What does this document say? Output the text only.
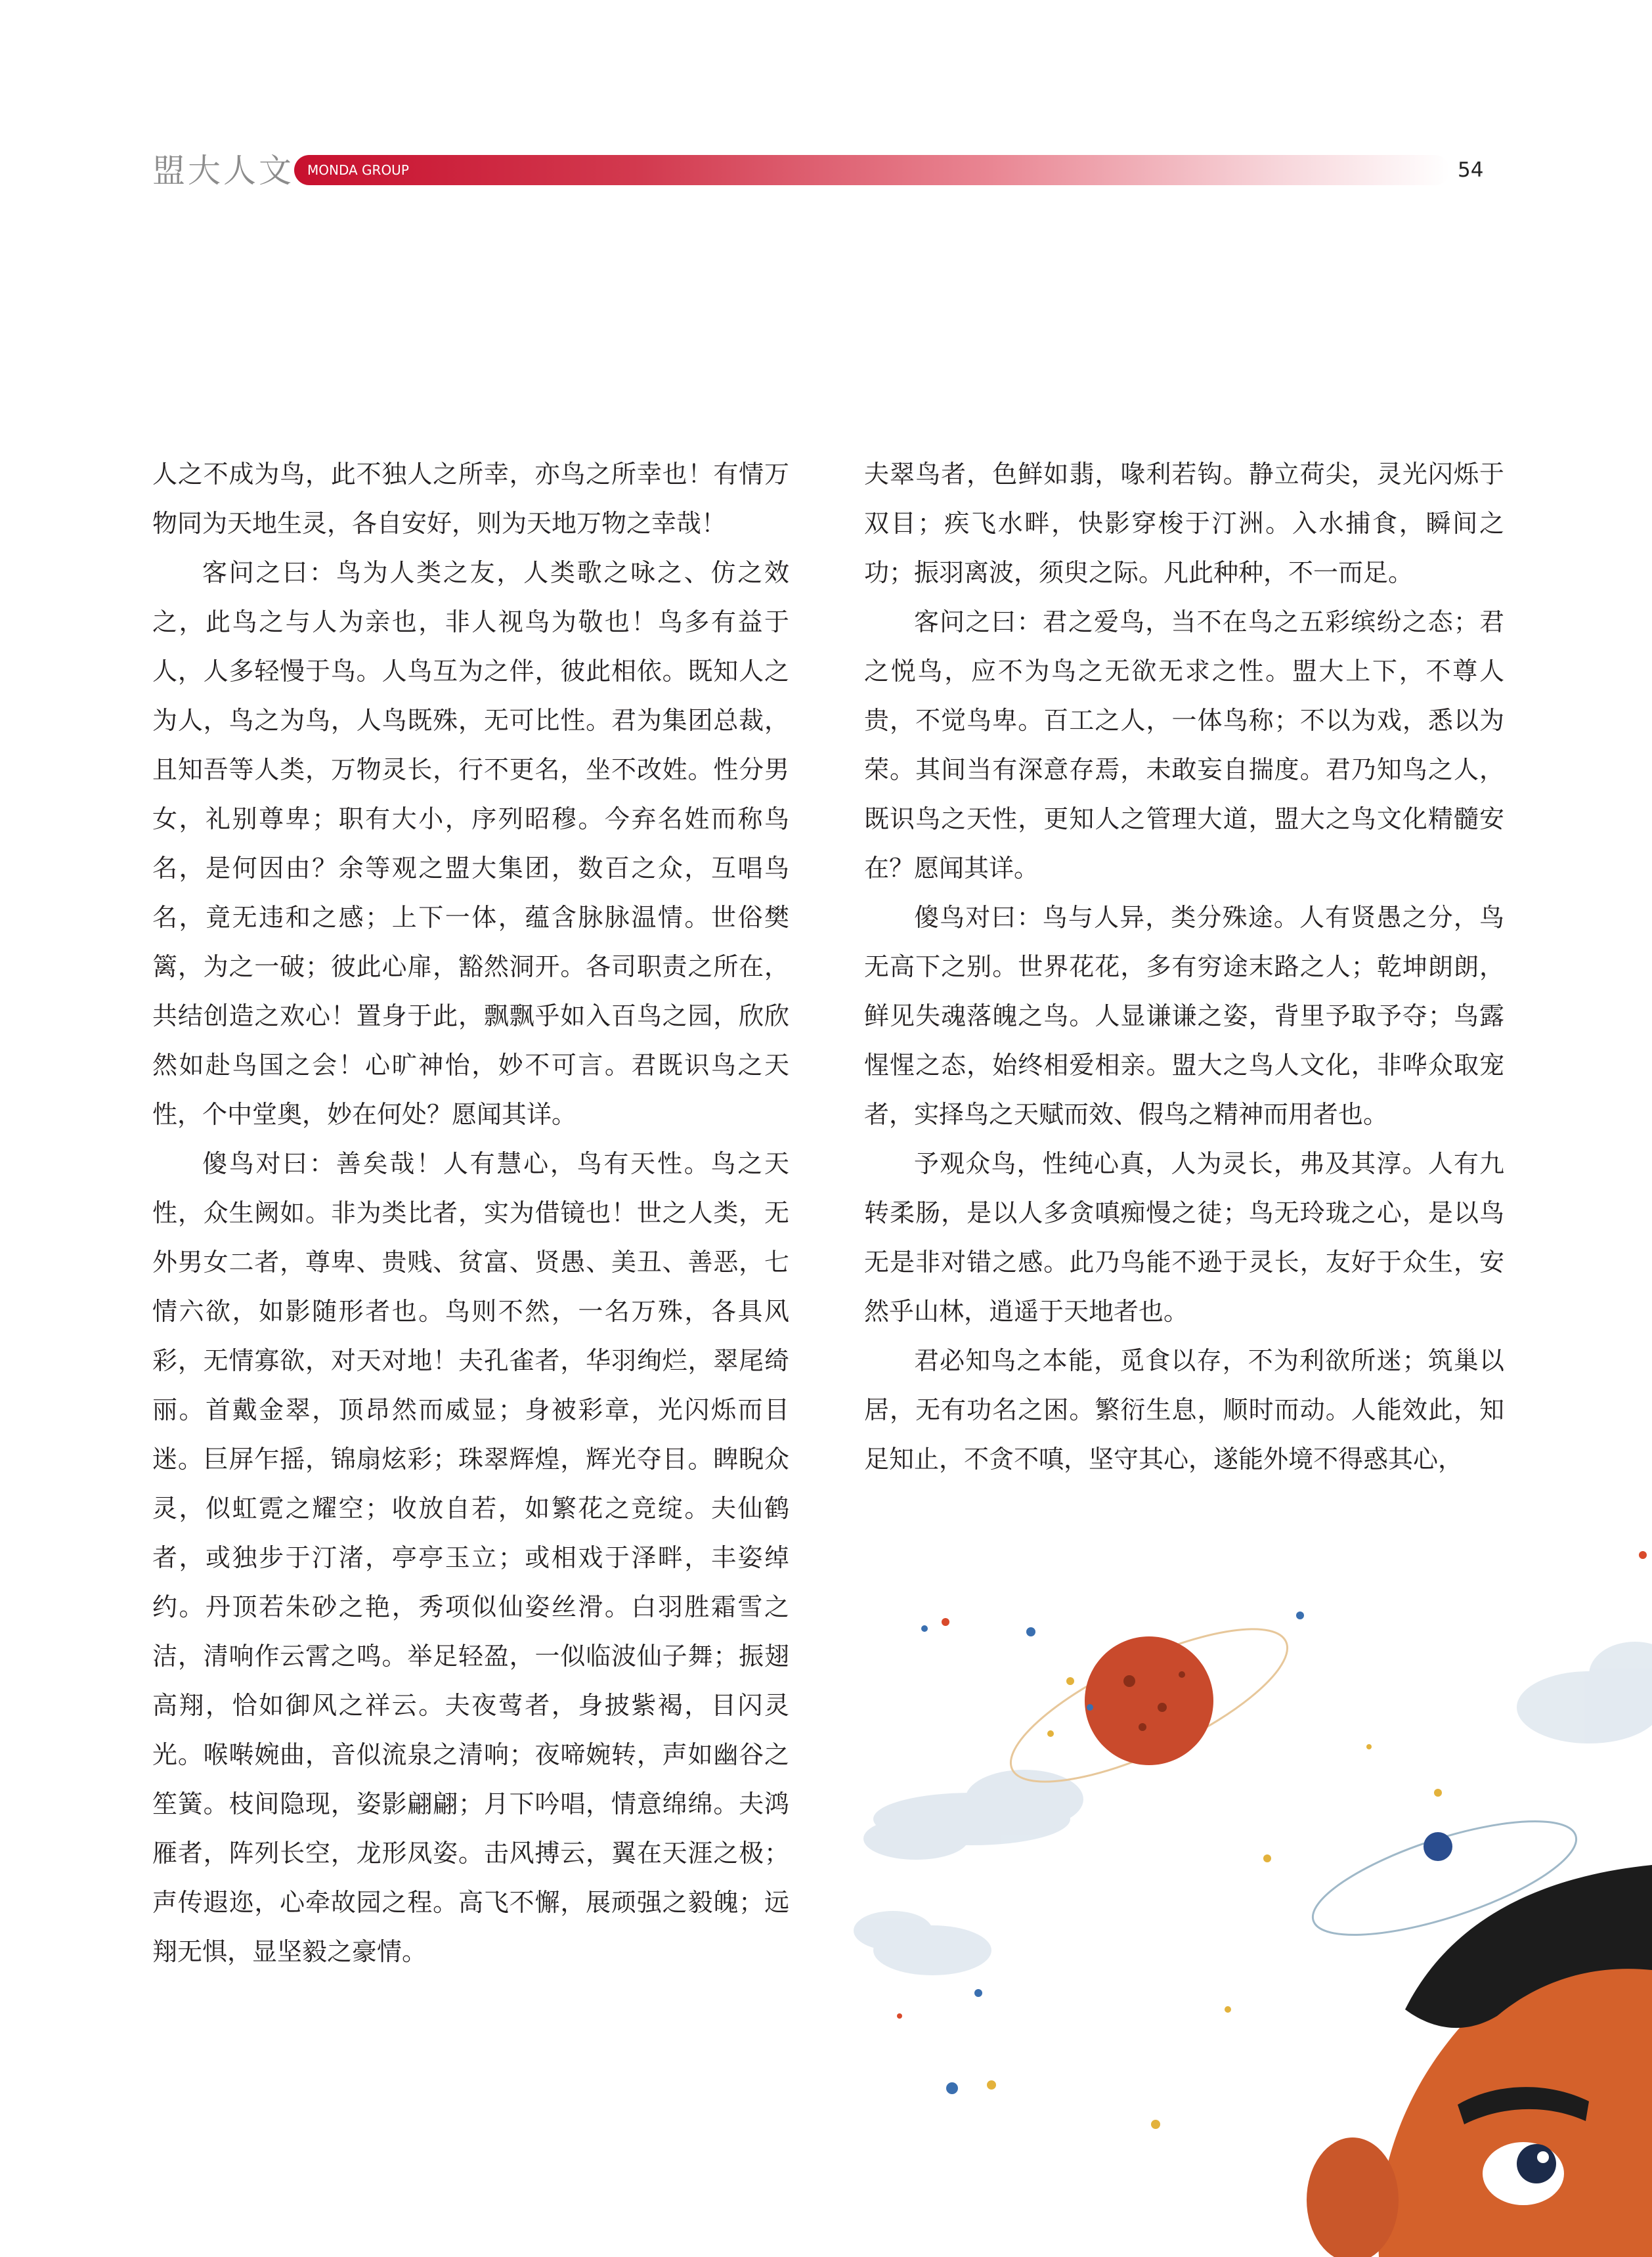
盟大人文 MONDA GROUP	54

人之不成为鸟，此不独人之所幸，亦鸟之所幸也！有情万物同为天地生灵，各自安好，则为天地万物之幸哉！

客问之曰：鸟为人类之友，人类歌之咏之、仿之效之，此鸟之与人为亲也，非人视鸟为敬也！鸟多有益于人，人多轻慢于鸟。人鸟互为之伴，彼此相依。既知人之为人，鸟之为鸟，人鸟既殊，无可比性。君为集团总裁，且知吾等人类，万物灵长，行不更名，坐不改姓。性分男女，礼别尊卑；职有大小，序列昭穆。今弃名姓而称鸟名，是何因由？余等观之盟大集团，数百之众，互唱鸟名，竟无违和之感；上下一体，蕴含脉脉温情。世俗樊篱，为之一破；彼此心扉，豁然洞开。各司职责之所在，共结创造之欢心！置身于此，飘飘乎如入百鸟之园，欣欣然如赴鸟国之会！心旷神怡，妙不可言。君既识鸟之天性，个中堂奥，妙在何处？愿闻其详。

傻鸟对曰：善矣哉！人有慧心，鸟有天性。鸟之天性，众生阙如。非为类比者，实为借镜也！世之人类，无外男女二者，尊卑、贵贱、贫富、贤愚、美丑、善恶，七情六欲，如影随形者也。鸟则不然，一名万殊，各具风彩，无情寡欲，对天对地！夫孔雀者，华羽绚烂，翠尾绮丽。首戴金翠，顶昂然而威显；身被彩章，光闪烁而目迷。巨屏乍摇，锦扇炫彩；珠翠辉煌，辉光夺目。睥睨众灵，似虹霓之耀空；收放自若，如繁花之竞绽。夫仙鹤者，或独步于汀渚，亭亭玉立；或相戏于泽畔，丰姿绰约。丹顶若朱砂之艳，秀项似仙姿丝滑。白羽胜霜雪之洁，清响作云霄之鸣。举足轻盈，一似临波仙子舞；振翅高翔，恰如御风之祥云。夫夜莺者，身披紫褐，目闪灵光。喉啭婉曲，音似流泉之清响；夜啼婉转，声如幽谷之笙簧。枝间隐现，姿影翩翩；月下吟唱，情意绵绵。夫鸿雁者，阵列长空，龙形凤姿。击风搏云，翼在天涯之极；声传遐迩，心牵故园之程。高飞不懈，展顽强之毅魄；远翔无惧，显坚毅之豪情。

夫翠鸟者，色鲜如翡，喙利若钩。静立荷尖，灵光闪烁于双目；疾飞水畔，快影穿梭于汀洲。入水捕食，瞬间之功；振羽离波，须臾之际。凡此种种，不一而足。

客问之曰：君之爱鸟，当不在鸟之五彩缤纷之态；君之悦鸟，应不为鸟之无欲无求之性。盟大上下，不尊人贵，不觉鸟卑。百工之人，一体鸟称；不以为戏，悉以为荣。其间当有深意存焉，未敢妄自揣度。君乃知鸟之人，既识鸟之天性，更知人之管理大道，盟大之鸟文化精髓安在？愿闻其详。

傻鸟对曰：鸟与人异，类分殊途。人有贤愚之分，鸟无高下之别。世界花花，多有穷途末路之人；乾坤朗朗，鲜见失魂落魄之鸟。人显谦谦之姿，背里予取予夺；鸟露惺惺之态，始终相爱相亲。盟大之鸟人文化，非哗众取宠者，实择鸟之天赋而效、假鸟之精神而用者也。

予观众鸟，性纯心真，人为灵长，弗及其淳。人有九转柔肠，是以人多贪嗔痴慢之徒；鸟无玲珑之心，是以鸟无是非对错之感。此乃鸟能不逊于灵长，友好于众生，安然乎山林，逍遥于天地者也。

君必知鸟之本能，觅食以存，不为利欲所迷；筑巢以居，无有功名之困。繁衍生息，顺时而动。人能效此，知足知止，不贪不嗔，坚守其心，遂能外境不得惑其心，
